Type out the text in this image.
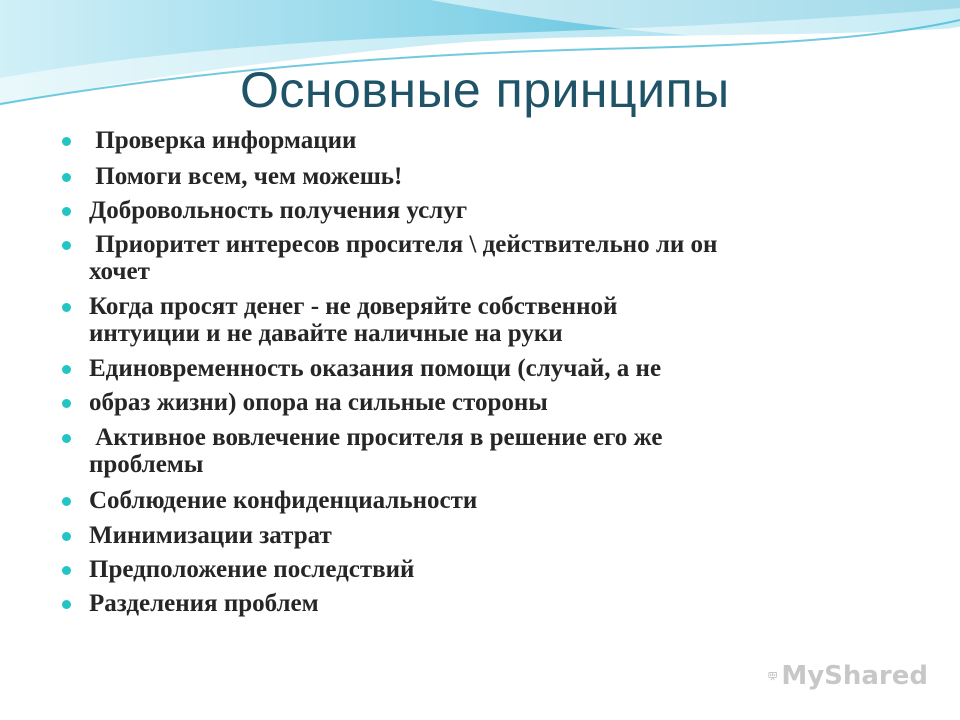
Основные принципы
Проверка информации
Помоги всем, чем можешь!
Добровольность получения услуг
Приоритет интересов просителя \ действительно ли он
хочет
Когда просят денег - не доверяйте собственной
интуиции и не давайте наличные на руки
Единовременность оказания помощи (случай, а не
образ жизни) опора на сильные стороны
Активное вовлечение просителя в решение его же
проблемы
Соблюдение конфиденциальности
Минимизации затрат
Предположение последствий
Разделения проблем
MyShared
